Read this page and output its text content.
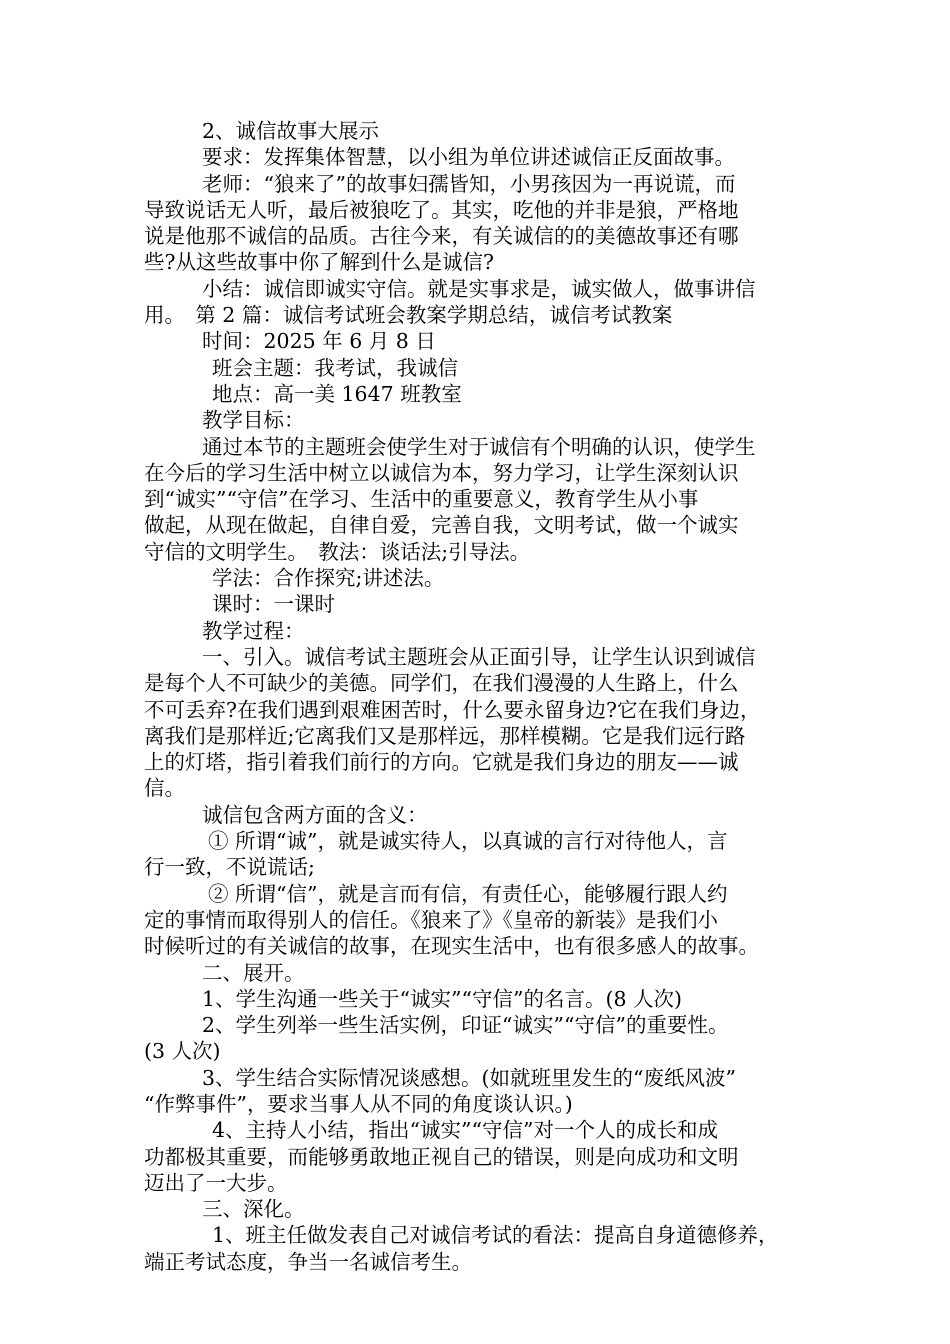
2、诚信故事大展示
要求：发挥集体智慧，以小组为单位讲述诚信正反面故事。
老师：“狼来了”的故事妇孺皆知，小男孩因为一再说谎，而
导致说话无人听，最后被狼吃了。其实，吃他的并非是狼，严格地
说是他那不诚信的品质。古往今来，有关诚信的的美德故事还有哪
些?从这些故事中你了解到什么是诚信?
小结：诚信即诚实守信。就是实事求是，诚实做人，做事讲信
用。　第 2 篇：诚信考试班会教案学期总结，诚信考试教案
时间：2025 年 6 月 8 日
班会主题：我考试，我诚信
地点：高一美 1647 班教室
教学目标：
通过本节的主题班会使学生对于诚信有个明确的认识，使学生
在今后的学习生活中树立以诚信为本，努力学习，让学生深刻认识
到“诚实”“守信”在学习、生活中的重要意义，教育学生从小事
做起，从现在做起，自律自爱，完善自我，文明考试，做一个诚实
守信的文明学生。　教法：谈话法;引导法。
学法：合作探究;讲述法。
课时：一课时
教学过程：
一、引入。诚信考试主题班会从正面引导，让学生认识到诚信
是每个人不可缺少的美德。同学们，在我们漫漫的人生路上，什么
不可丢弃?在我们遇到艰难困苦时，什么要永留身边?它在我们身边，
离我们是那样近;它离我们又是那样远，那样模糊。它是我们远行路
上的灯塔，指引着我们前行的方向。它就是我们身边的朋友——诚
信。
诚信包含两方面的含义：
① 所谓“诚”，就是诚实待人，以真诚的言行对待他人，言
行一致，不说谎话;
② 所谓“信”，就是言而有信，有责任心，能够履行跟人约
定的事情而取得别人的信任。《狼来了》《皇帝的新装》是我们小
时候听过的有关诚信的故事，在现实生活中，也有很多感人的故事。
二、展开。
1、学生沟通一些关于“诚实”“守信”的名言。(8 人次)
2、学生列举一些生活实例，印证“诚实”“守信”的重要性。
(3 人次)
3、学生结合实际情况谈感想。(如就班里发生的“废纸风波”
“作弊事件”，要求当事人从不同的角度谈认识。)
4、主持人小结，指出“诚实”“守信”对一个人的成长和成
功都极其重要，而能够勇敢地正视自己的错误，则是向成功和文明
迈出了一大步。
三、深化。
1、班主任做发表自己对诚信考试的看法：提高自身道德修养，
端正考试态度，争当一名诚信考生。
